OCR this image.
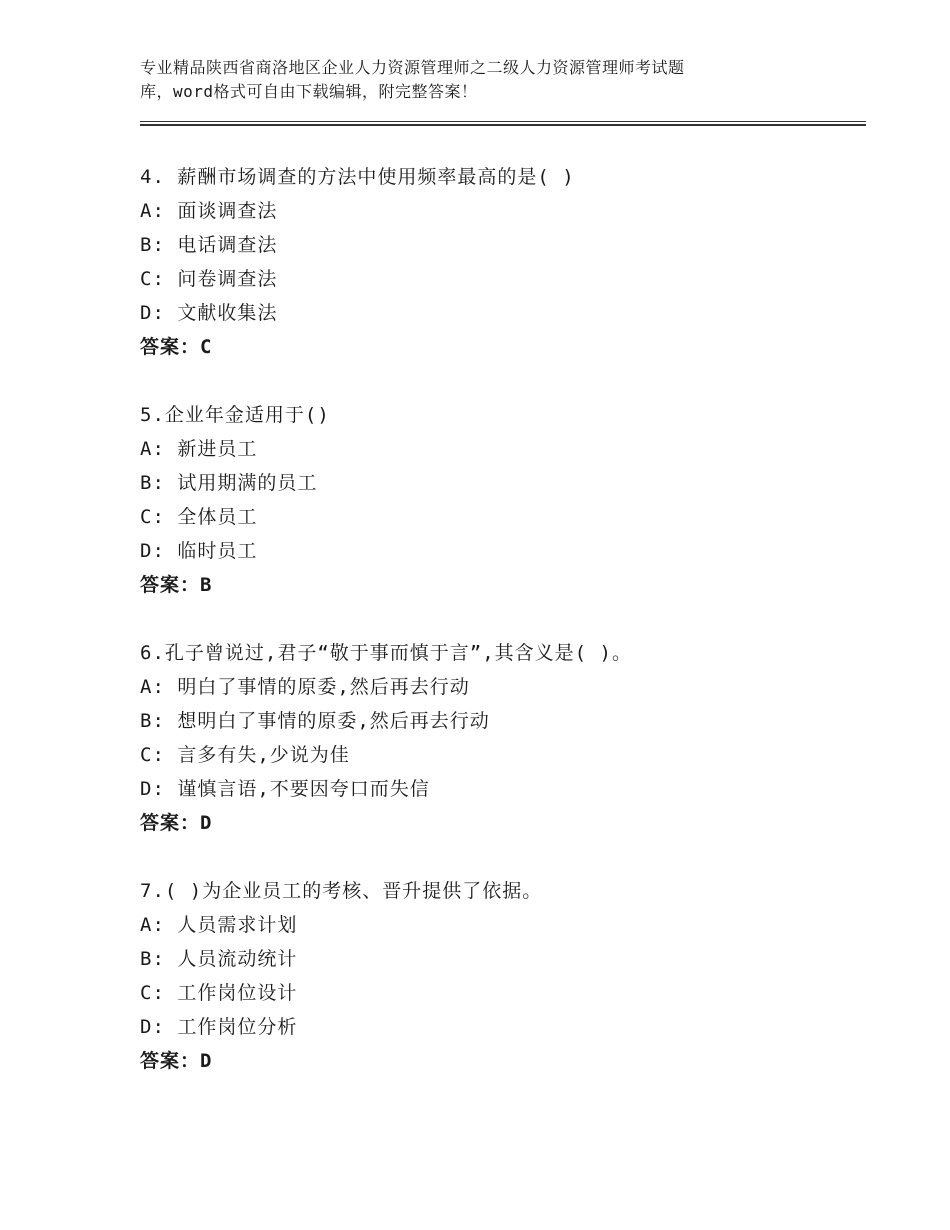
专业精品陕西省商洛地区企业人力资源管理师之二级人力资源管理师考试题
库，word格式可自由下载编辑，附完整答案！
4. 薪酬市场调查的方法中使用频率最高的是( )
A: 面谈调查法
B: 电话调查法
C: 问卷调查法
D: 文献收集法
答案：C
5.企业年金适用于()
A: 新进员工
B: 试用期满的员工
C: 全体员工
D: 临时员工
答案：B
6.孔子曾说过,君子“敬于事而慎于言”,其含义是( )。
A: 明白了事情的原委,然后再去行动
B: 想明白了事情的原委,然后再去行动
C: 言多有失,少说为佳
D: 谨慎言语,不要因夸口而失信
答案：D
7.( )为企业员工的考核、晋升提供了依据。
A: 人员需求计划
B: 人员流动统计
C: 工作岗位设计
D: 工作岗位分析
答案：D
